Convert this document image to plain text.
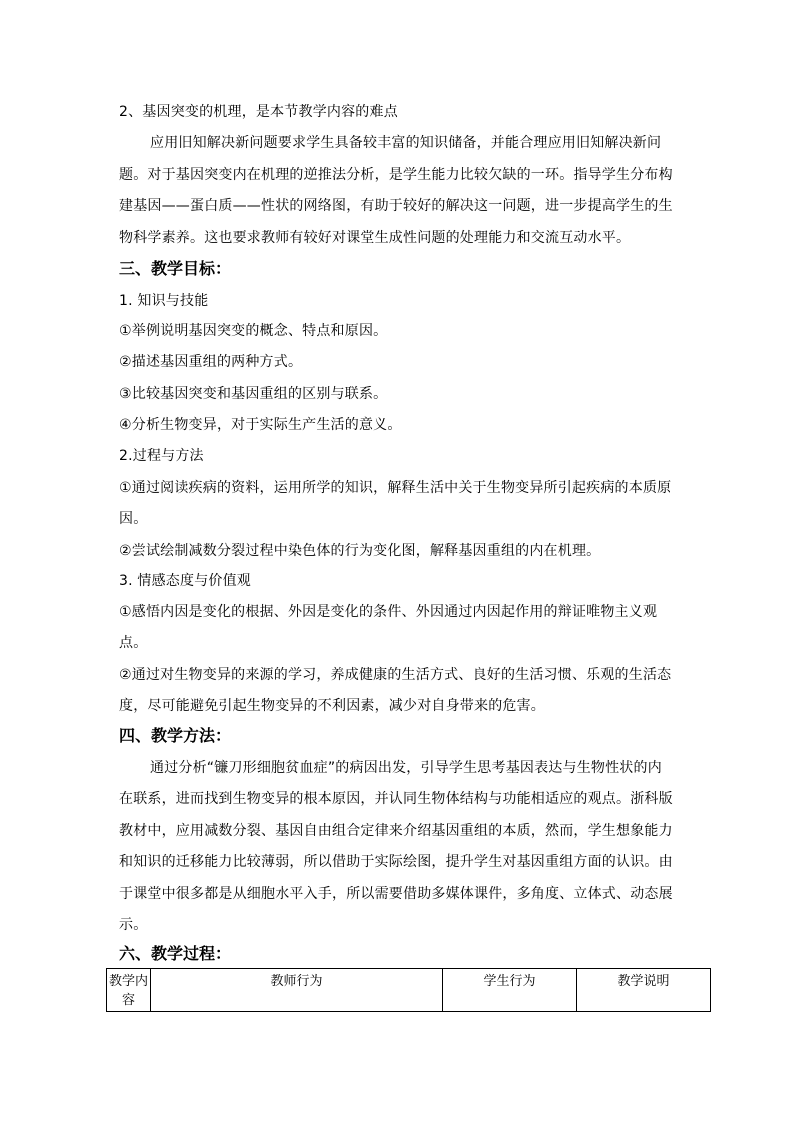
2、基因突变的机理，是本节教学内容的难点
应用旧知解决新问题要求学生具备较丰富的知识储备，并能合理应用旧知解决新问
题。对于基因突变内在机理的逆推法分析，是学生能力比较欠缺的一环。指导学生分布构
建基因——蛋白质——性状的网络图，有助于较好的解决这一问题，进一步提高学生的生
物科学素养。这也要求教师有较好对课堂生成性问题的处理能力和交流互动水平。
三、教学目标：
1. 知识与技能
①举例说明基因突变的概念、特点和原因。
②描述基因重组的两种方式。
③比较基因突变和基因重组的区别与联系。
④分析生物变异，对于实际生产生活的意义。
2.过程与方法
①通过阅读疾病的资料，运用所学的知识，解释生活中关于生物变异所引起疾病的本质原
因。
②尝试绘制减数分裂过程中染色体的行为变化图，解释基因重组的内在机理。
3. 情感态度与价值观
①感悟内因是变化的根据、外因是变化的条件、外因通过内因起作用的辩证唯物主义观
点。
②通过对生物变异的来源的学习，养成健康的生活方式、良好的生活习惯、乐观的生活态
度，尽可能避免引起生物变异的不利因素，减少对自身带来的危害。
四、教学方法：
通过分析“镰刀形细胞贫血症”的病因出发，引导学生思考基因表达与生物性状的内
在联系，进而找到生物变异的根本原因，并认同生物体结构与功能相适应的观点。浙科版
教材中，应用减数分裂、基因自由组合定律来介绍基因重组的本质，然而，学生想象能力
和知识的迁移能力比较薄弱，所以借助于实际绘图，提升学生对基因重组方面的认识。由
于课堂中很多都是从细胞水平入手，所以需要借助多媒体课件，多角度、立体式、动态展
示。
六、教学过程：
教学内容	教师行为	学生行为	教学说明
